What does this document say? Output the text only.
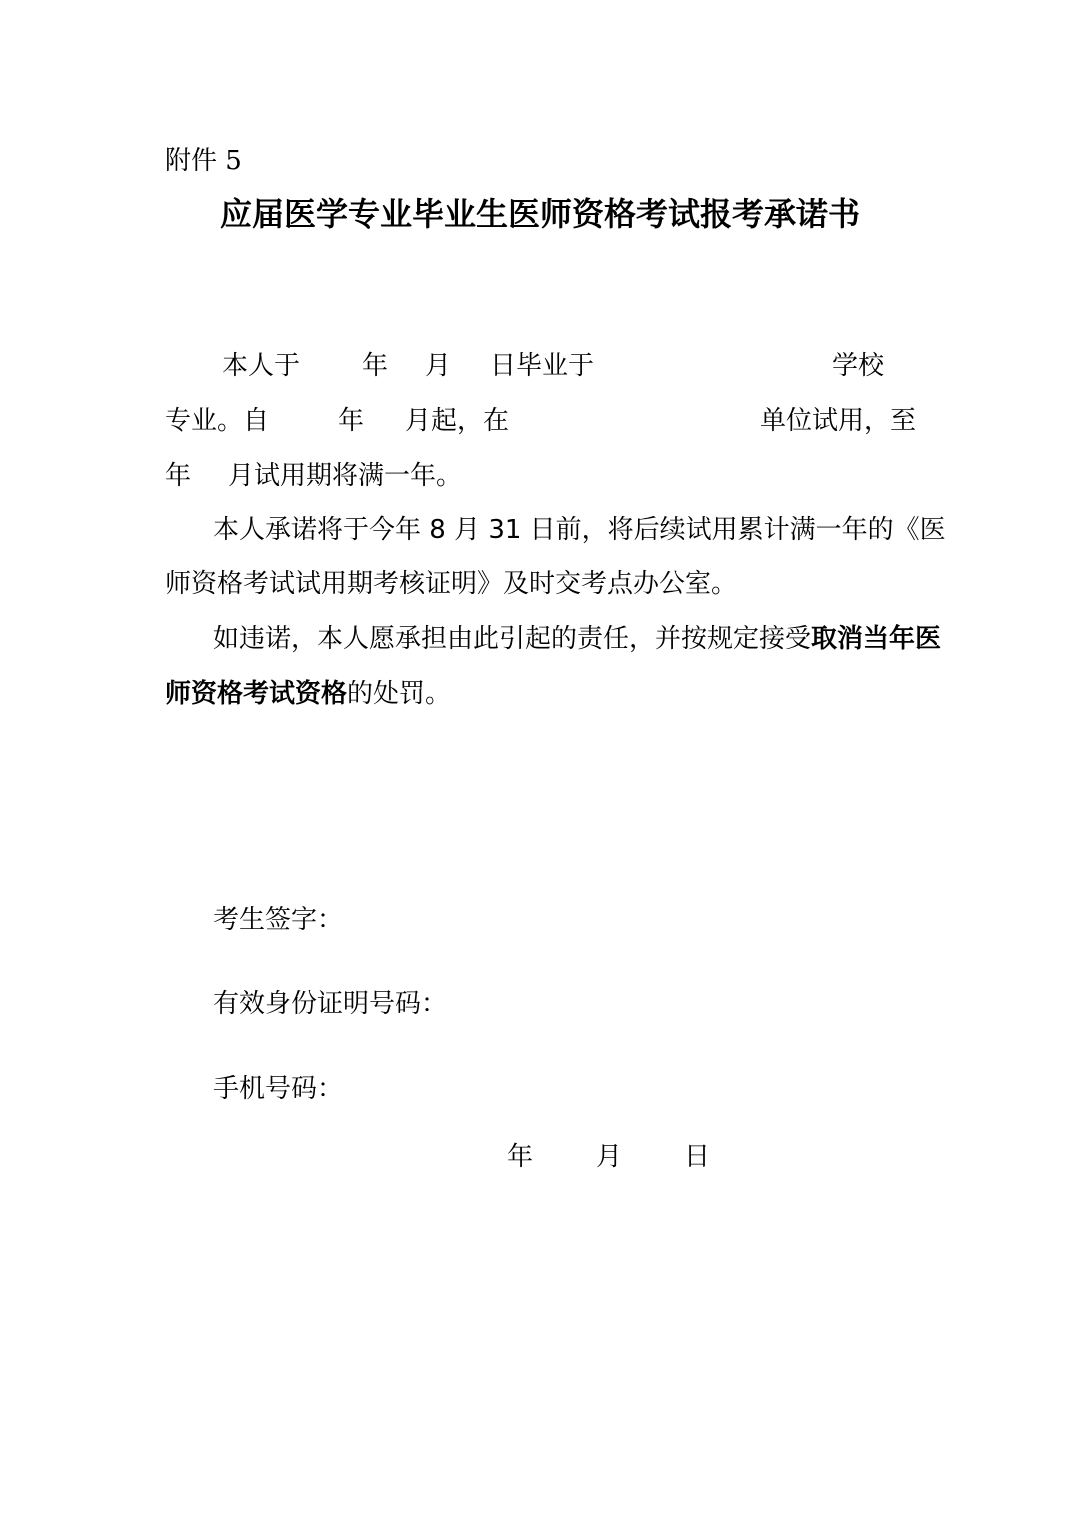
附件 5
应届医学专业毕业生医师资格考试报考承诺书
本人于 年 月 日毕业于	学校
专业。自	年 月起，在	单位试用，至
年 月试用期将满一年。
本人承诺将于今年 8 月 31 日前，将后续试用累计满一年的《医
师资格考试试用期考核证明》及时交考点办公室。
如违诺，本人愿承担由此引起的责任，并按规定接受取消当年医
师资格考试资格的处罚。
考生签字：
有效身份证明号码：
手机号码：
年 月 日
